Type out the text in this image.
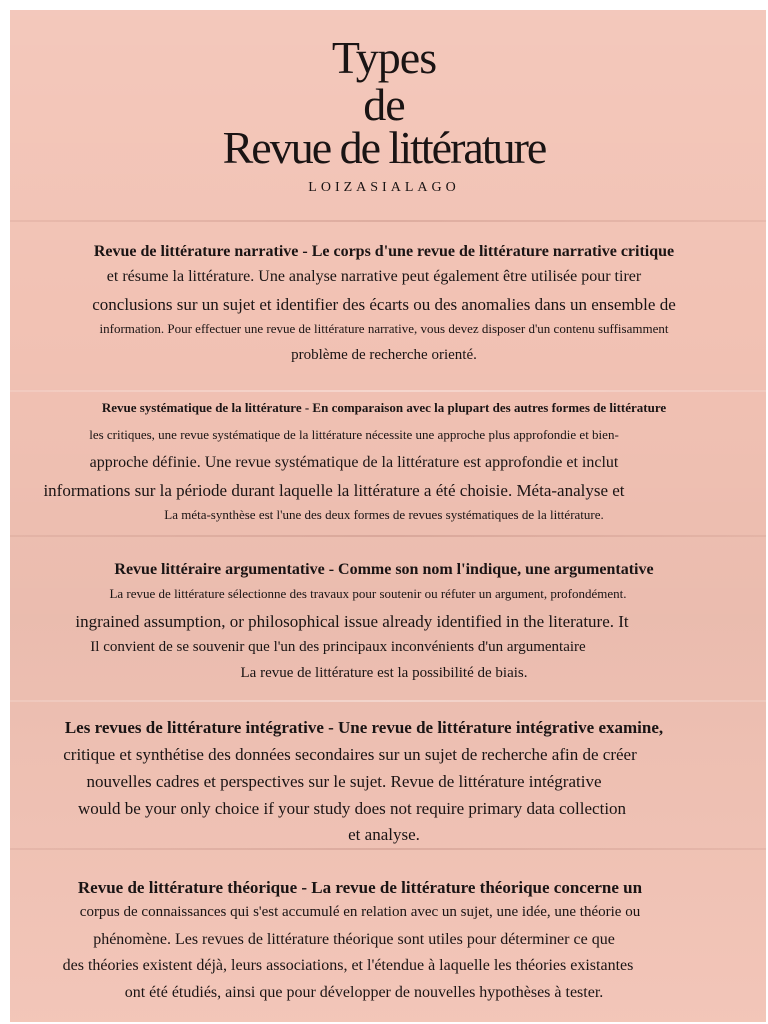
Types
de
Revue de littérature
LOIZASIALAGO
Revue de littérature narrative - Le corps d'une revue de littérature narrative critique
et résume la littérature. Une analyse narrative peut également être utilisée pour tirer
conclusions sur un sujet et identifier des écarts ou des anomalies dans un ensemble de
information. Pour effectuer une revue de littérature narrative, vous devez disposer d'un contenu suffisamment
problème de recherche orienté.
Revue systématique de la littérature - En comparaison avec la plupart des autres formes de littérature
les critiques, une revue systématique de la littérature nécessite une approche plus approfondie et bien-
approche définie. Une revue systématique de la littérature est approfondie et inclut
informations sur la période durant laquelle la littérature a été choisie. Méta-analyse et
La méta-synthèse est l'une des deux formes de revues systématiques de la littérature.
Revue littéraire argumentative - Comme son nom l'indique, une argumentative
La revue de littérature sélectionne des travaux pour soutenir ou réfuter un argument, profondément.
ingrained assumption, or philosophical issue already identified in the literature. It
Il convient de se souvenir que l'un des principaux inconvénients d'un argumentaire
La revue de littérature est la possibilité de biais.
Les revues de littérature intégrative - Une revue de littérature intégrative examine,
critique et synthétise des données secondaires sur un sujet de recherche afin de créer
nouvelles cadres et perspectives sur le sujet. Revue de littérature intégrative
would be your only choice if your study does not require primary data collection
et analyse.
Revue de littérature théorique - La revue de littérature théorique concerne un
corpus de connaissances qui s'est accumulé en relation avec un sujet, une idée, une théorie ou
phénomène. Les revues de littérature théorique sont utiles pour déterminer ce que
des théories existent déjà, leurs associations, et l'étendue à laquelle les théories existantes
ont été étudiés, ainsi que pour développer de nouvelles hypothèses à tester.
